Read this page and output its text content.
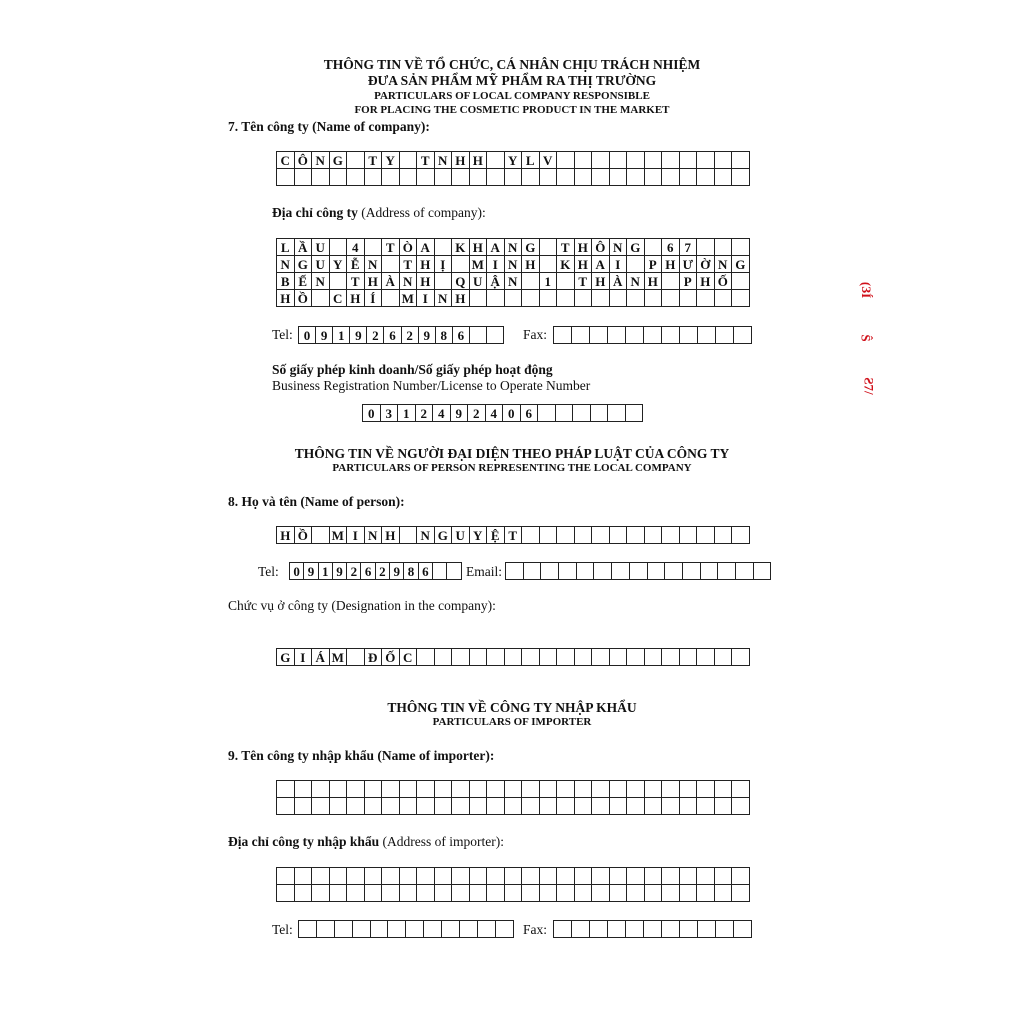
THÔNG TIN VỀ TỔ CHỨC, CÁ NHÂN CHỊU TRÁCH NHIỆM
ĐƯA SẢN PHẨM MỸ PHẨM RA THỊ TRƯỜNG
PARTICULARS OF LOCAL COMPANY RESPONSIBLE
FOR PLACING THE COSMETIC PRODUCT IN THE MARKET
7. Tên công ty (Name of company):
C Ô N G	T Y	T N H H	Y L V
Địa chỉ công ty (Address of company):
L Ầ U	4	T Ò A	K H A N G	T H Ô N G	6 7
N G U Y Ễ N	T H Ị	M I N H	K H A I	P H Ư Ờ N G
B Ế N	T H À N H	Q U Ậ N	1	T H À N H	P H Ố
H Ồ	C H Í	M I N H
Tel: 0 9 1 9 2 6 2 9 8 6	Fax:
Số giấy phép kinh doanh/Số giấy phép hoạt động
Business Registration Number/License to Operate Number
0 3 1 2 4 9 2 4 0 6
THÔNG TIN VỀ NGƯỜI ĐẠI DIỆN THEO PHÁP LUẬT CỦA CÔNG TY
PARTICULARS OF PERSON REPRESENTING THE LOCAL COMPANY
8. Họ và tên (Name of person):
H Ồ	M I N H	N G U Y Ệ T
Tel: 0 9 1 9 2 6 2 9 8 6	Email:
Chức vụ ở công ty (Designation in the company):
G I Á M Đ Ố C
THÔNG TIN VỀ CÔNG TY NHẬP KHẨU
PARTICULARS OF IMPORTER
9. Tên công ty nhập khẩu (Name of importer):
Địa chỉ công ty nhập khẩu (Address of importer):
Tel:	Fax:
(ЗÍ
Ŝ
Ƨ7/
